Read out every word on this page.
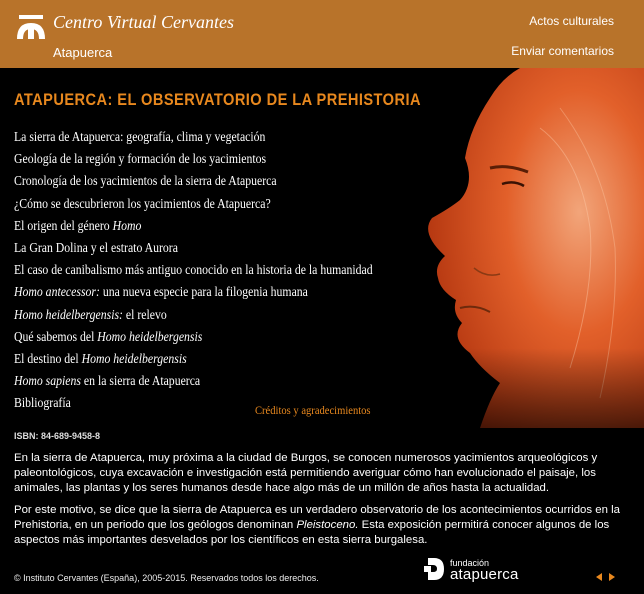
Centro Virtual Cervantes
Atapuerca
Actos culturales
Enviar comentarios
ATAPUERCA: EL OBSERVATORIO DE LA PREHISTORIA
La sierra de Atapuerca: geografía, clima y vegetación
Geología de la región y formación de los yacimientos
Cronología de los yacimientos de la sierra de Atapuerca
¿Cómo se descubrieron los yacimientos de Atapuerca?
El origen del género Homo
La Gran Dolina y el estrato Aurora
El caso de canibalismo más antiguo conocido en la historia de la humanidad
Homo antecessor: una nueva especie para la filogenia humana
Homo heidelbergensis: el relevo
Qué sabemos del Homo heidelbergensis
El destino del Homo heidelbergensis
Homo sapiens en la sierra de Atapuerca
Bibliografía	Créditos y agradecimientos
ISBN: 84-689-9458-8

En la sierra de Atapuerca, muy próxima a la ciudad de Burgos, se conocen numerosos yacimientos arqueológicos y paleontológicos, cuya excavación e investigación está permitiendo averiguar cómo han evolucionado el paisaje, los animales, las plantas y los seres humanos desde hace algo más de un millón de años hasta la actualidad.

Por este motivo, se dice que la sierra de Atapuerca es un verdadero observatorio de los acontecimientos ocurridos en la Prehistoria, en un periodo que los geólogos denominan Pleistoceno. Esta exposición permitirá conocer algunos de los aspectos más importantes desvelados por los científicos en esta sierra burgalesa.

© Instituto Cervantes (España), 2005-2015. Reservados todos los derechos.
fundación
atapuerca
